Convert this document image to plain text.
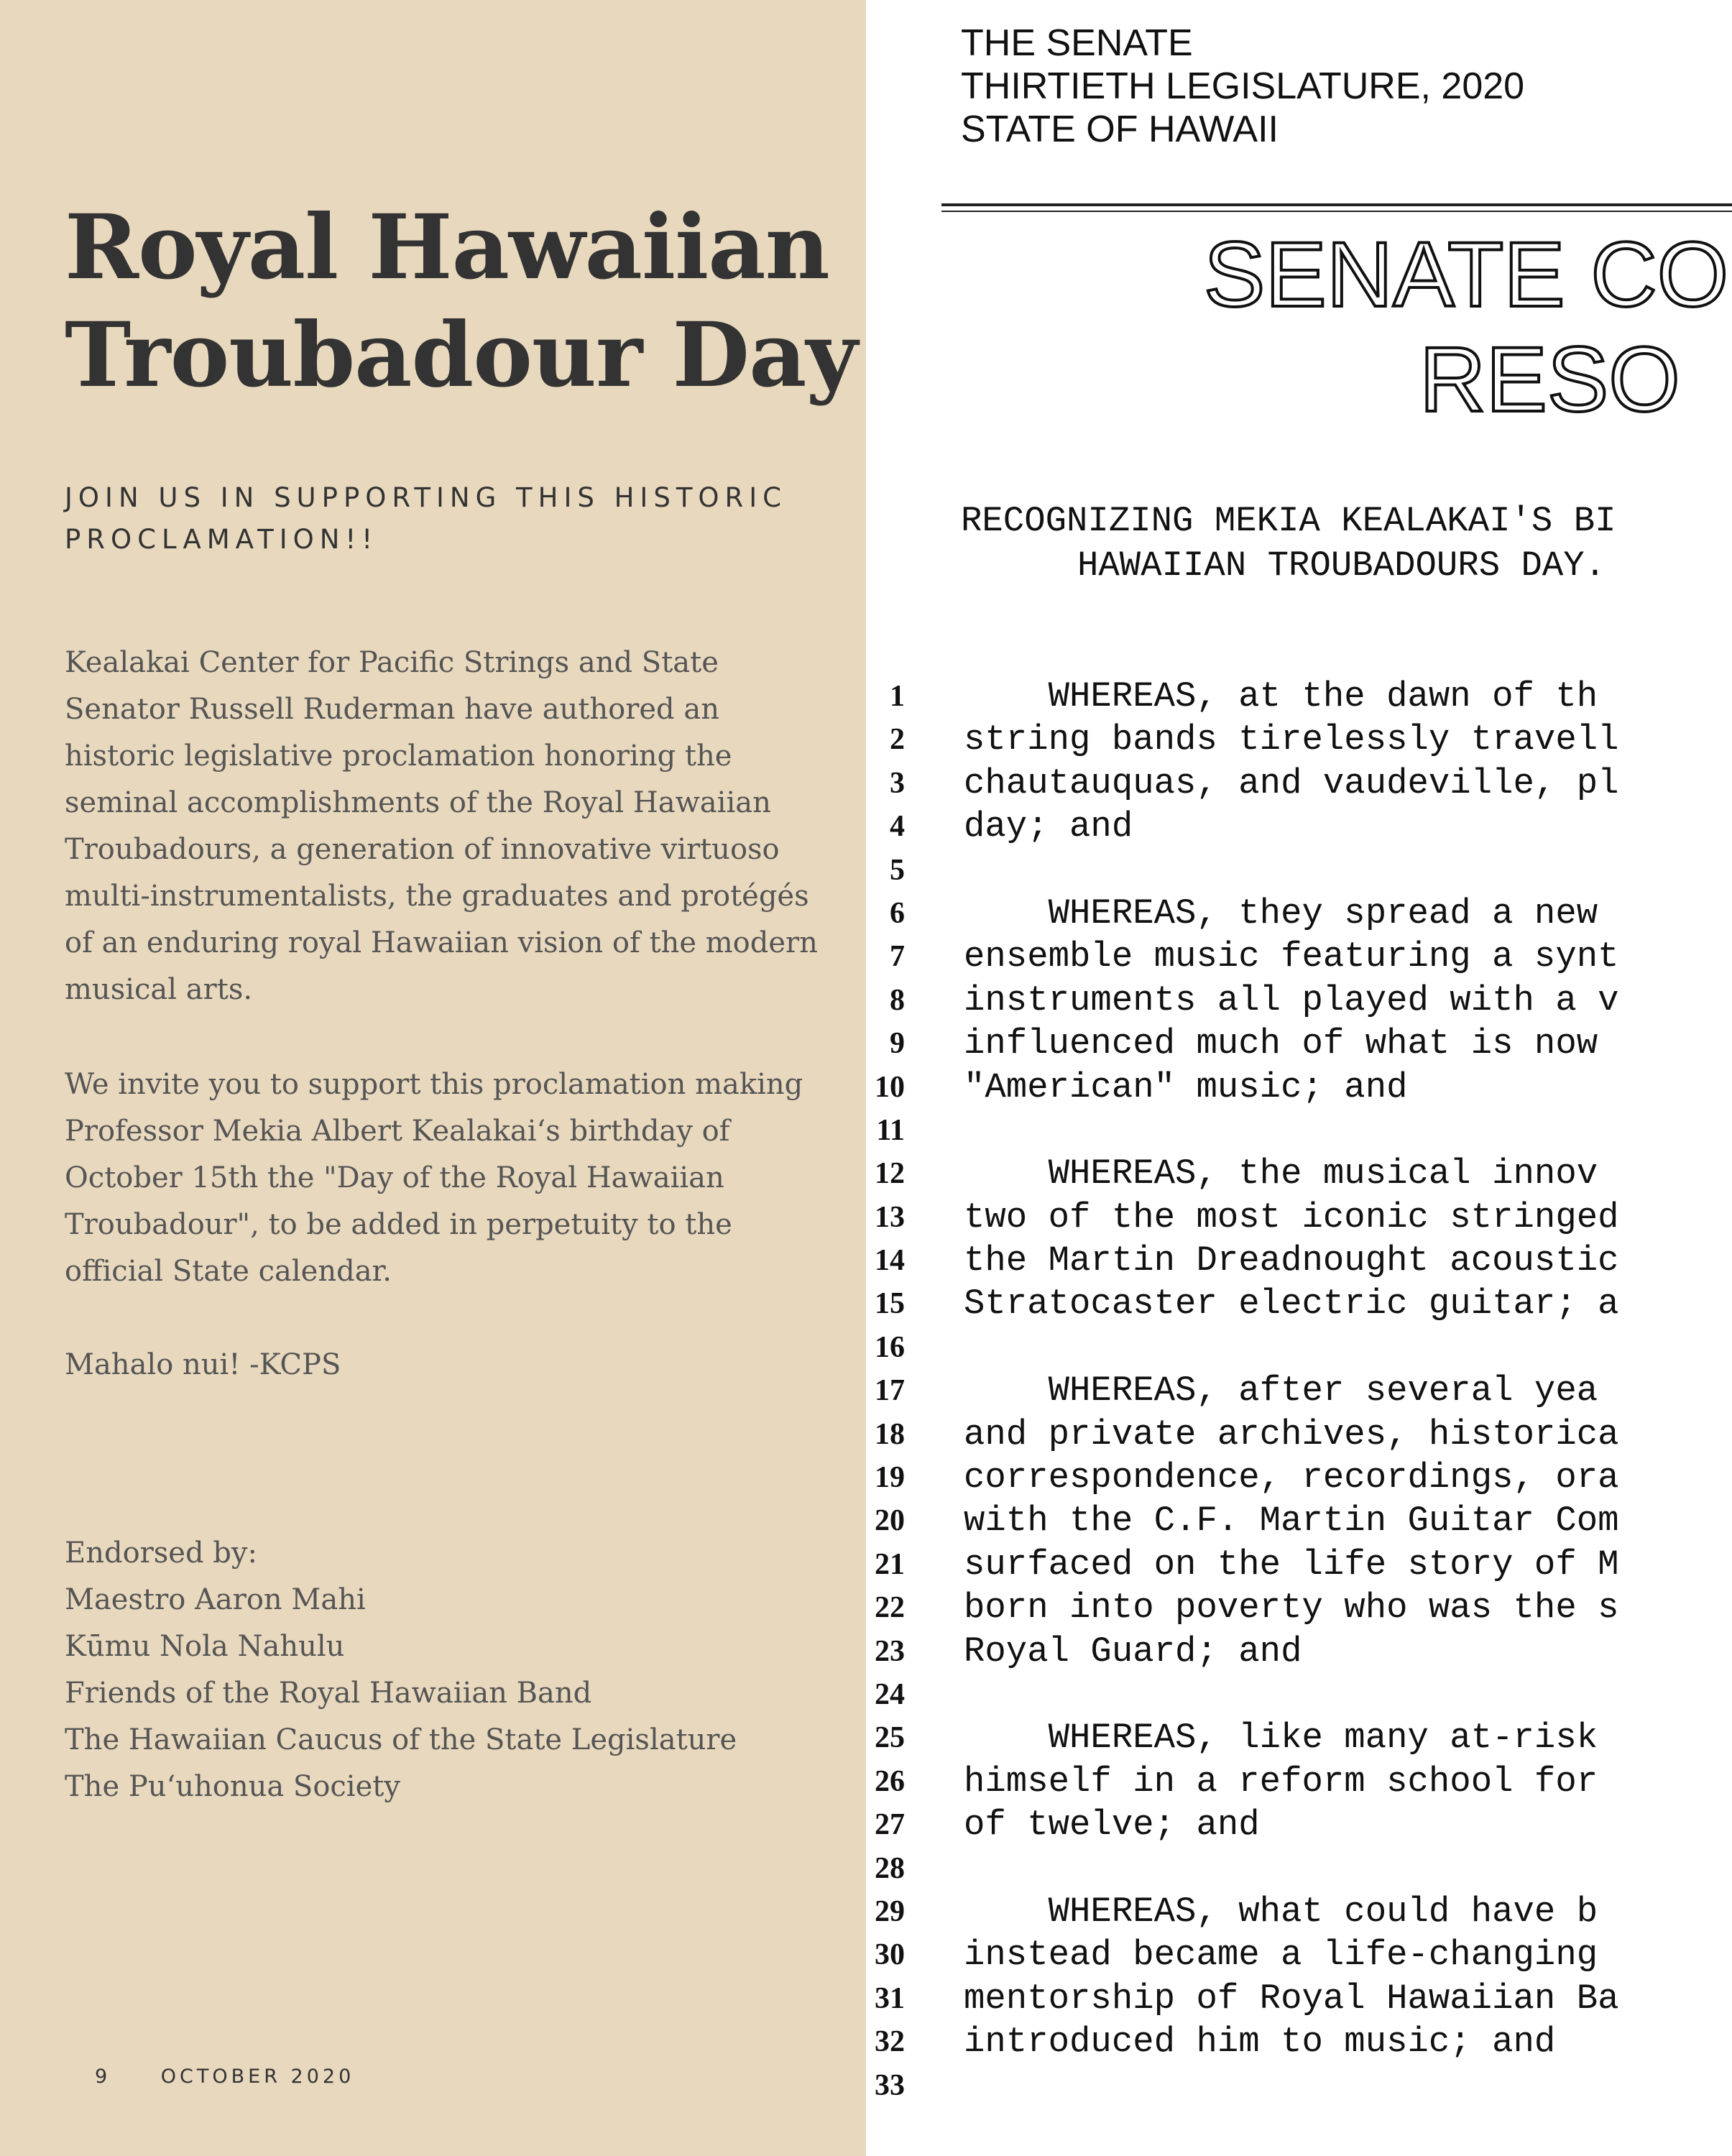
Royal Hawaiian
Troubadour Day

JOIN US IN SUPPORTING THIS HISTORIC PROCLAMATION!!

Kealakai Center for Pacific Strings and State Senator Russell Ruderman have authored an historic legislative proclamation honoring the seminal accomplishments of the Royal Hawaiian Troubadours, a generation of innovative virtuoso multi-instrumentalists, the graduates and protégés of an enduring royal Hawaiian vision of the modern musical arts.

We invite you to support this proclamation making Professor Mekia Albert Kealakai‘s birthday of October 15th the "Day of the Royal Hawaiian Troubadour", to be added in perpetuity to the official State calendar.

Mahalo nui! -KCPS

Endorsed by:
Maestro Aaron Mahi
Kūmu Nola Nahulu
Friends of the Royal Hawaiian Band
The Hawaiian Caucus of the State Legislature
The Pu‘uhonua Society
9	OCTOBER 2020
THE SENATE
THIRTIETH LEGISLATURE, 2020
STATE OF HAWAII
SENATE CO
RESO
RECOGNIZING MEKIA KEALAKAI'S BI
HAWAIIAN TROUBADOURS DAY.
1 WHEREAS, at the dawn of th
2 string bands tirelessly travell
3 chautauquas, and vaudeville, pl
4 day; and
5
6 WHEREAS, they spread a new
7 ensemble music featuring a synt
8 instruments all played with a v
9 influenced much of what is now
10 "American" music; and
11
12 WHEREAS, the musical innov
13 two of the most iconic stringed
14 the Martin Dreadnought acoustic
15 Stratocaster electric guitar; a
16
17 WHEREAS, after several yea
18 and private archives, historica
19 correspondence, recordings, ora
20 with the C.F. Martin Guitar Com
21 surfaced on the life story of M
22 born into poverty who was the s
23 Royal Guard; and
24
25 WHEREAS, like many at-risk
26 himself in a reform school for
27 of twelve; and
28
29 WHEREAS, what could have b
30 instead became a life-changing
31 mentorship of Royal Hawaiian Ba
32 introduced him to music; and
33
